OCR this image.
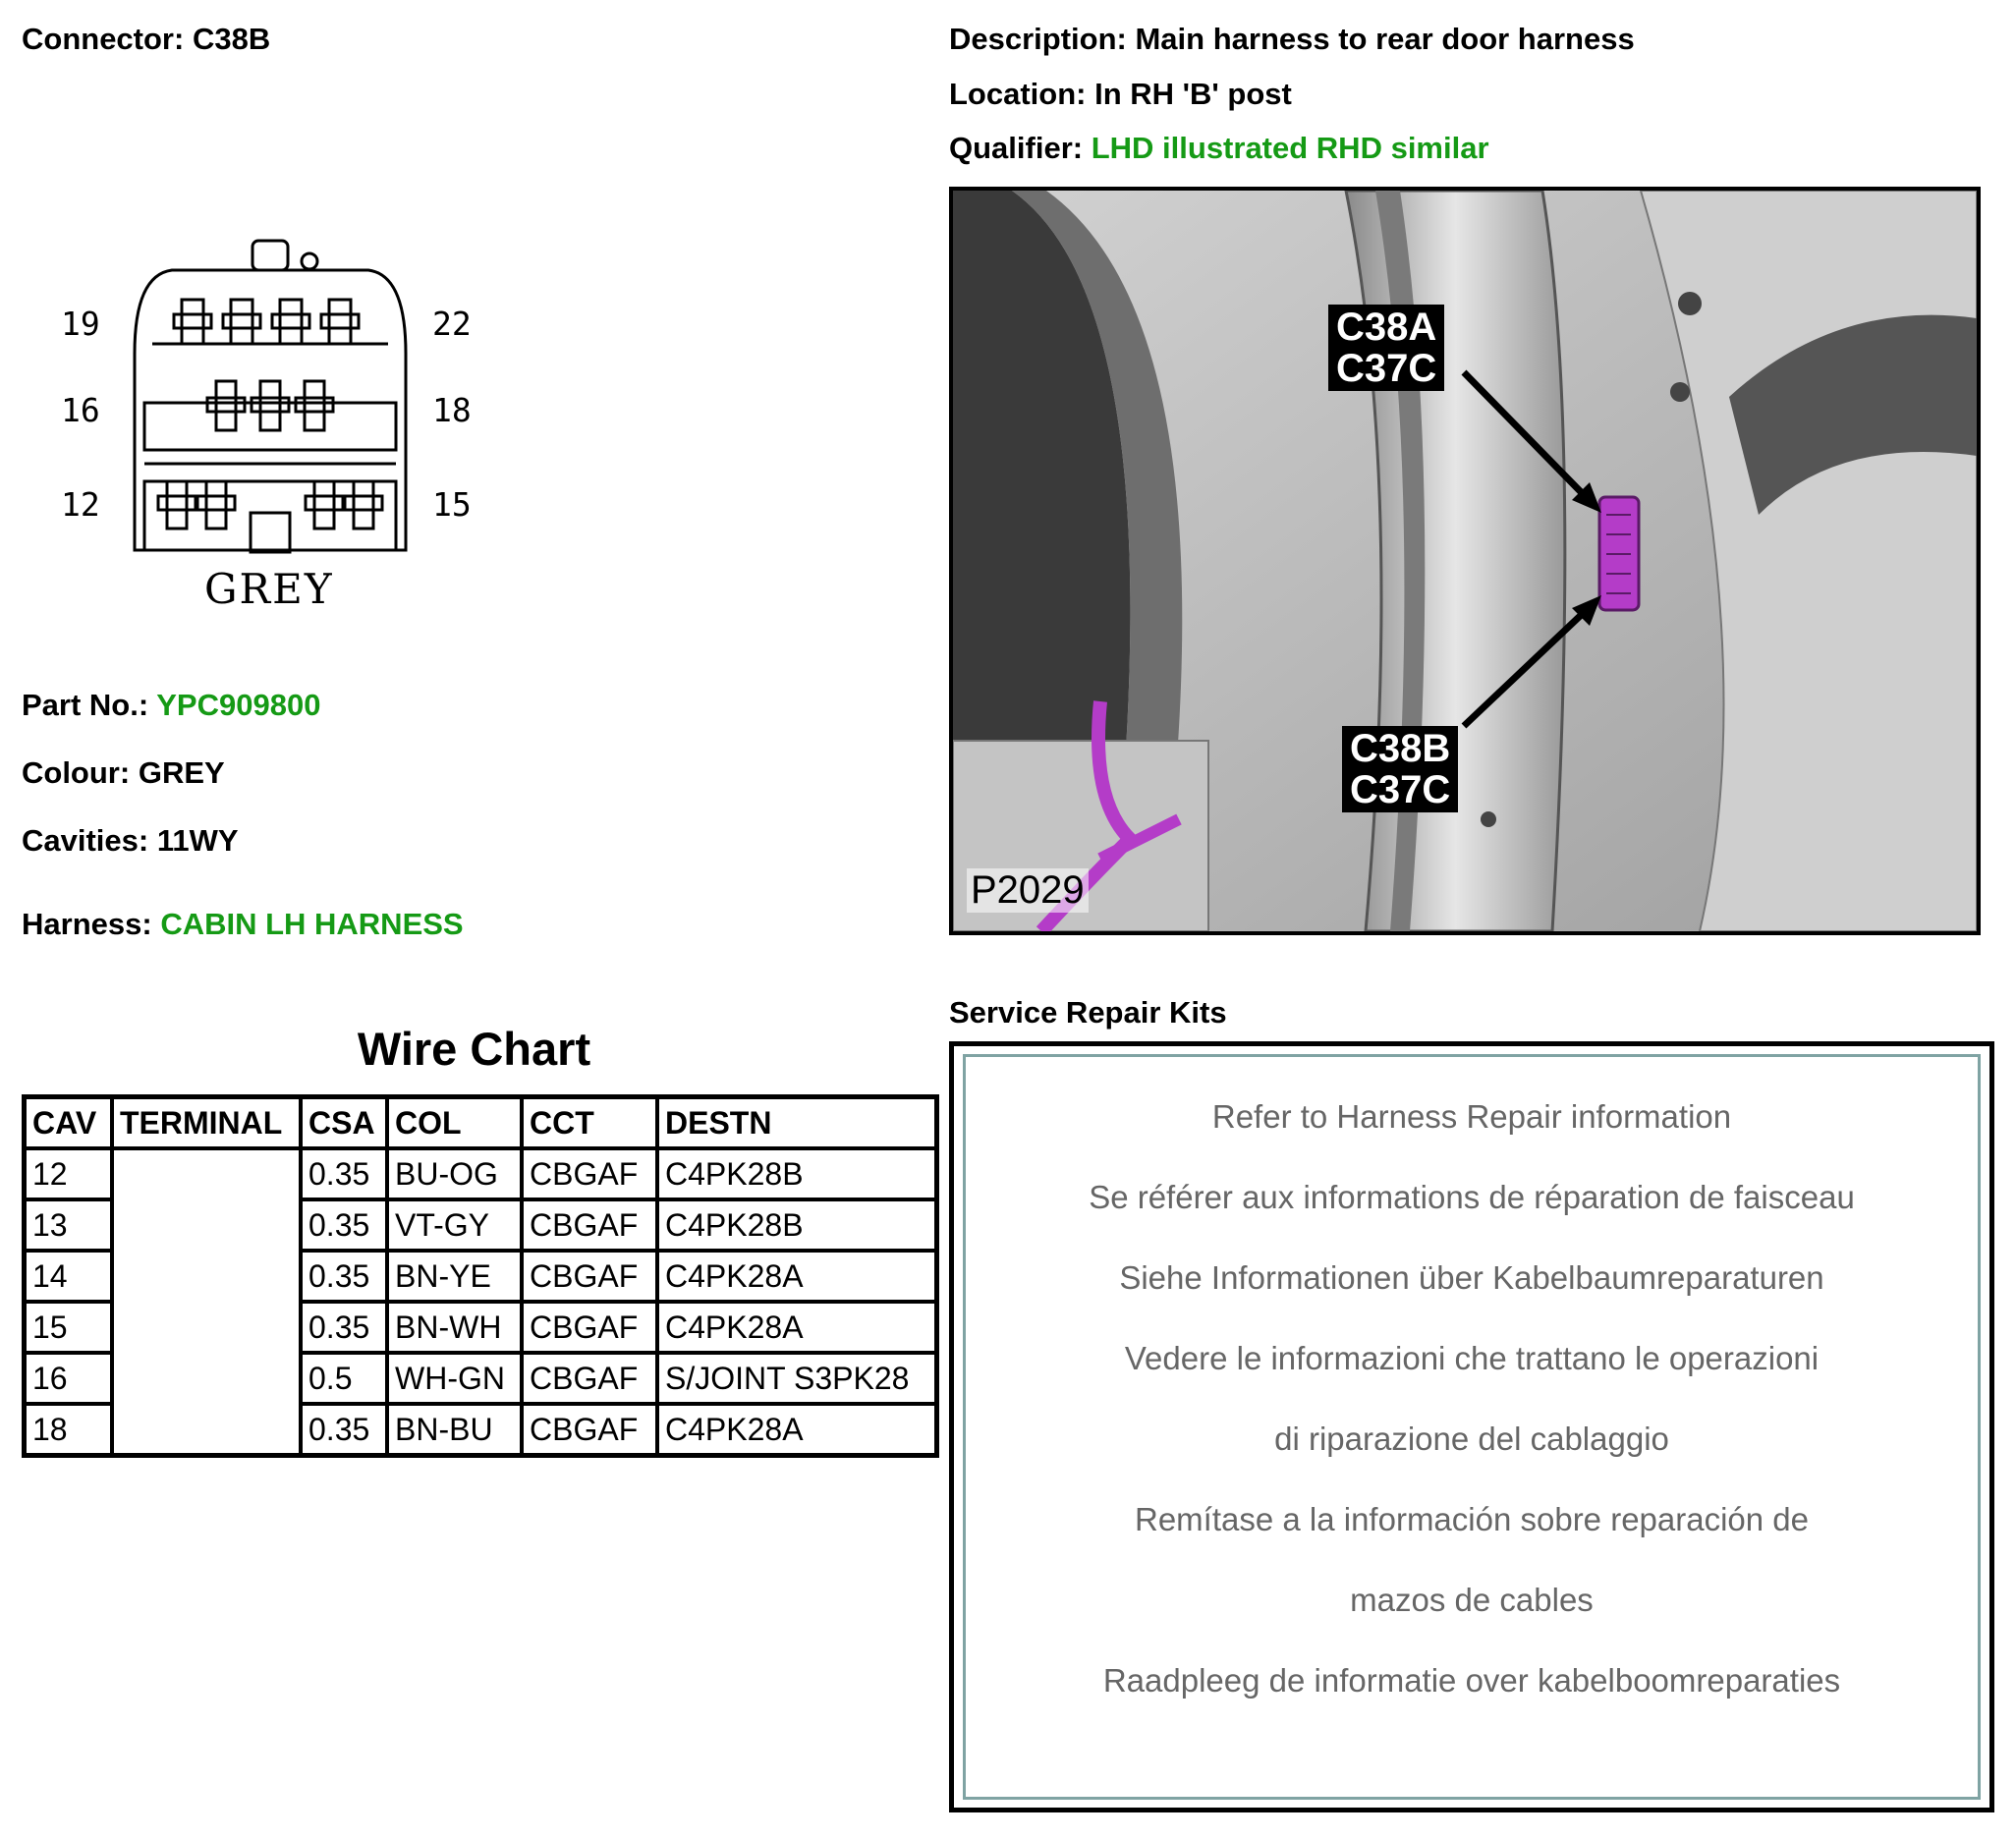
Connector: C38B	Description: Main harness to rear door harness
Location: In RH 'B' post
Qualifier: LHD illustrated RHD similar
19	22
16	18
12	15
GREY
Part No.: YPC909800
Colour: GREY
Cavities: 11WY
Harness: CABIN LH HARNESS
Wire Chart
CAV	TERMINAL	CSA	COL	CCT	DESTN
12		0.35	BU-OG	CBGAF	C4PK28B
13		0.35	VT-GY	CBGAF	C4PK28B
14		0.35	BN-YE	CBGAF	C4PK28A
15		0.35	BN-WH	CBGAF	C4PK28A
16		0.5	WH-GN	CBGAF	S/JOINT S3PK28
18		0.35	BN-BU	CBGAF	C4PK28A
C38A
C37C
C38B
C37C
P2029
Service Repair Kits
Refer to Harness Repair information
Se référer aux informations de réparation de faisceau
Siehe Informationen über Kabelbaumreparaturen
Vedere le informazioni che trattano le operazioni
di riparazione del cablaggio
Remítase a la información sobre reparación de
mazos de cables
Raadpleeg de informatie over kabelboomreparaties
